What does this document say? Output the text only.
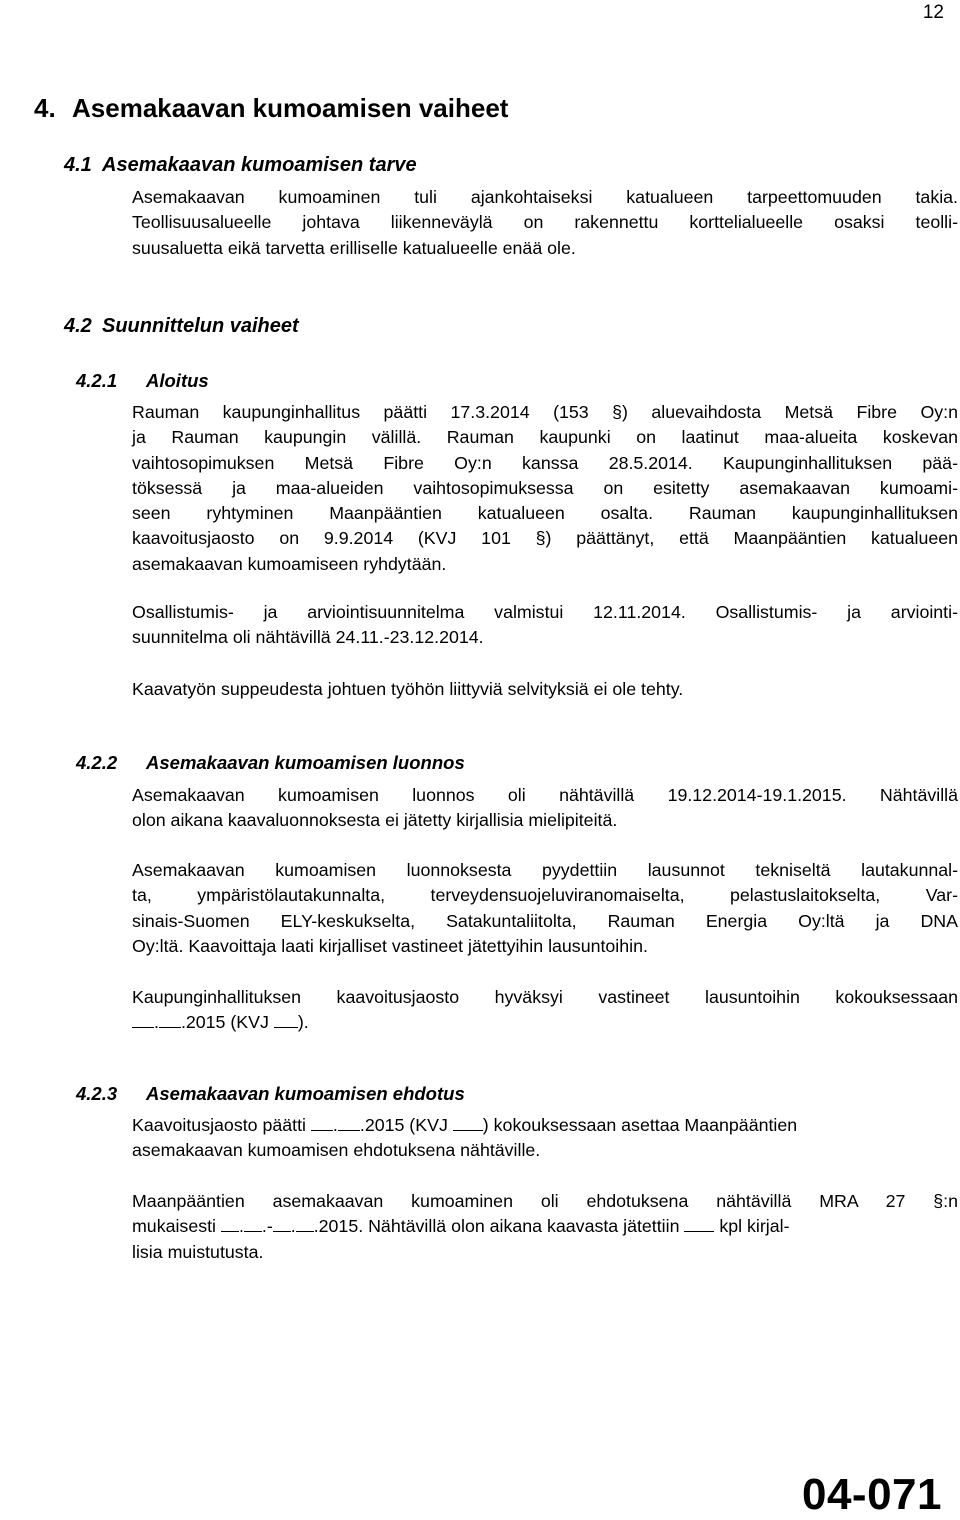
12
4. Asemakaavan kumoamisen vaiheet
4.1 Asemakaavan kumoamisen tarve
Asemakaavan kumoaminen tuli ajankohtaiseksi katualueen tarpeettomuuden takia.
Teollisuusalueelle johtava liikenneväylä on rakennettu korttelialueelle osaksi teolli-
suusaluetta eikä tarvetta erilliselle katualueelle enää ole.
4.2 Suunnittelun vaiheet
4.2.1 Aloitus
Rauman kaupunginhallitus päätti 17.3.2014 (153 §) aluevaihdosta Metsä Fibre Oy:n
ja Rauman kaupungin välillä. Rauman kaupunki on laatinut maa-alueita koskevan
vaihtosopimuksen Metsä Fibre Oy:n kanssa 28.5.2014. Kaupunginhallituksen pää-
töksessä ja maa-alueiden vaihtosopimuksessa on esitetty asemakaavan kumoami-
seen ryhtyminen Maanpääntien katualueen osalta. Rauman kaupunginhallituksen
kaavoitusjaosto on 9.9.2014 (KVJ 101 §) päättänyt, että Maanpääntien katualueen
asemakaavan kumoamiseen ryhdytään.
Osallistumis- ja arviointisuunnitelma valmistui 12.11.2014. Osallistumis- ja arviointi-
suunnitelma oli nähtävillä 24.11.-23.12.2014.
Kaavatyön suppeudesta johtuen työhön liittyviä selvityksiä ei ole tehty.
4.2.2 Asemakaavan kumoamisen luonnos
Asemakaavan kumoamisen luonnos oli nähtävillä 19.12.2014-19.1.2015. Nähtävillä
olon aikana kaavaluonnoksesta ei jätetty kirjallisia mielipiteitä.
Asemakaavan kumoamisen luonnoksesta pyydettiin lausunnot tekniseltä lautakunnal-
ta, ympäristölautakunnalta, terveydensuojeluviranomaiselta, pelastuslaitokselta, Var-
sinais-Suomen ELY-keskukselta, Satakuntaliitolta, Rauman Energia Oy:ltä ja DNA
Oy:ltä. Kaavoittaja laati kirjalliset vastineet jätettyihin lausuntoihin.
Kaupunginhallituksen kaavoitusjaosto hyväksyi vastineet lausuntoihin kokouksessaan
. .2015 (KVJ ).
4.2.3 Asemakaavan kumoamisen ehdotus
Kaavoitusjaosto päätti . .2015 (KVJ ) kokouksessaan asettaa Maanpääntien
asemakaavan kumoamisen ehdotuksena nähtäville.
Maanpääntien asemakaavan kumoaminen oli ehdotuksena nähtävillä MRA 27 §:n
mukaisesti . .- . .2015. Nähtävillä olon aikana kaavasta jätettiin  kpl kirjal-
lisia muistutusta.
04-071
